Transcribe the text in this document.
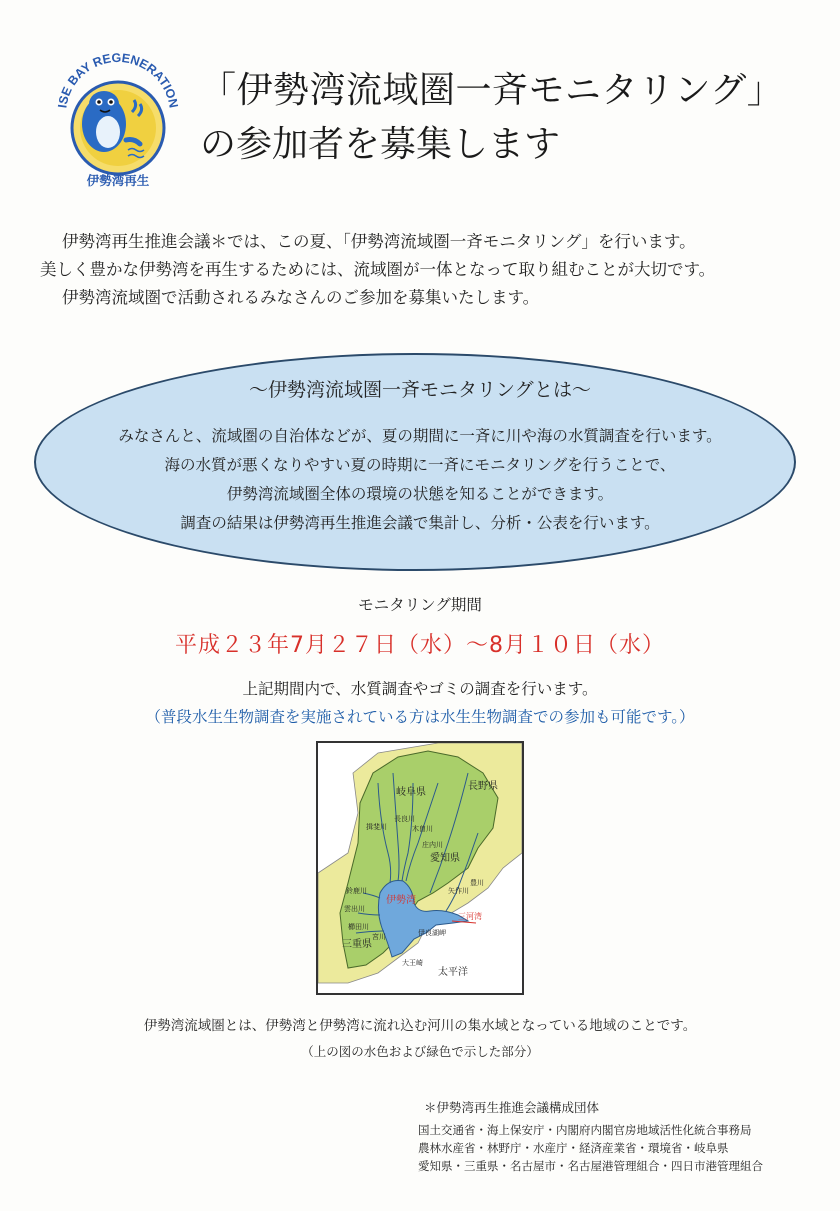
ISE BAY REGENERATION
伊勢湾再生
「伊勢湾流域圏一斉モニタリング」
の参加者を募集します
伊勢湾再生推進会議＊では、この夏、「伊勢湾流域圏一斉モニタリング」を行います。
美しく豊かな伊勢湾を再生するためには、流域圏が一体となって取り組むことが大切です。
伊勢湾流域圏で活動されるみなさんのご参加を募集いたします。
～伊勢湾流域圏一斉モニタリングとは～
みなさんと、流域圏の自治体などが、夏の期間に一斉に川や海の水質調査を行います。
海の水質が悪くなりやすい夏の時期に一斉にモニタリングを行うことで、
伊勢湾流域圏全体の環境の状態を知ることができます。
調査の結果は伊勢湾再生推進会議で集計し、分析・公表を行います。
モニタリング期間
平成２３年7月２７日（水）～8月１０日（水）
上記期間内で、水質調査やゴミの調査を行います。
（普段水生生物調査を実施されている方は水生生物調査での参加も可能です。）
岐阜県
長野県
愛知県
三重県
伊勢湾
三河湾
太平洋
伊良湖岬
大王崎
木曽川
長良川
揖斐川
庄内川
豊川
矢作川
鈴鹿川
雲出川
櫛田川
宮川
伊勢湾流域圏とは、伊勢湾と伊勢湾に流れ込む河川の集水域となっている地域のことです。
（上の図の水色および緑色で示した部分）
＊伊勢湾再生推進会議構成団体
国土交通省・海上保安庁・内閣府内閣官房地域活性化統合事務局
農林水産省・林野庁・水産庁・経済産業省・環境省・岐阜県
愛知県・三重県・名古屋市・名古屋港管理組合・四日市港管理組合
